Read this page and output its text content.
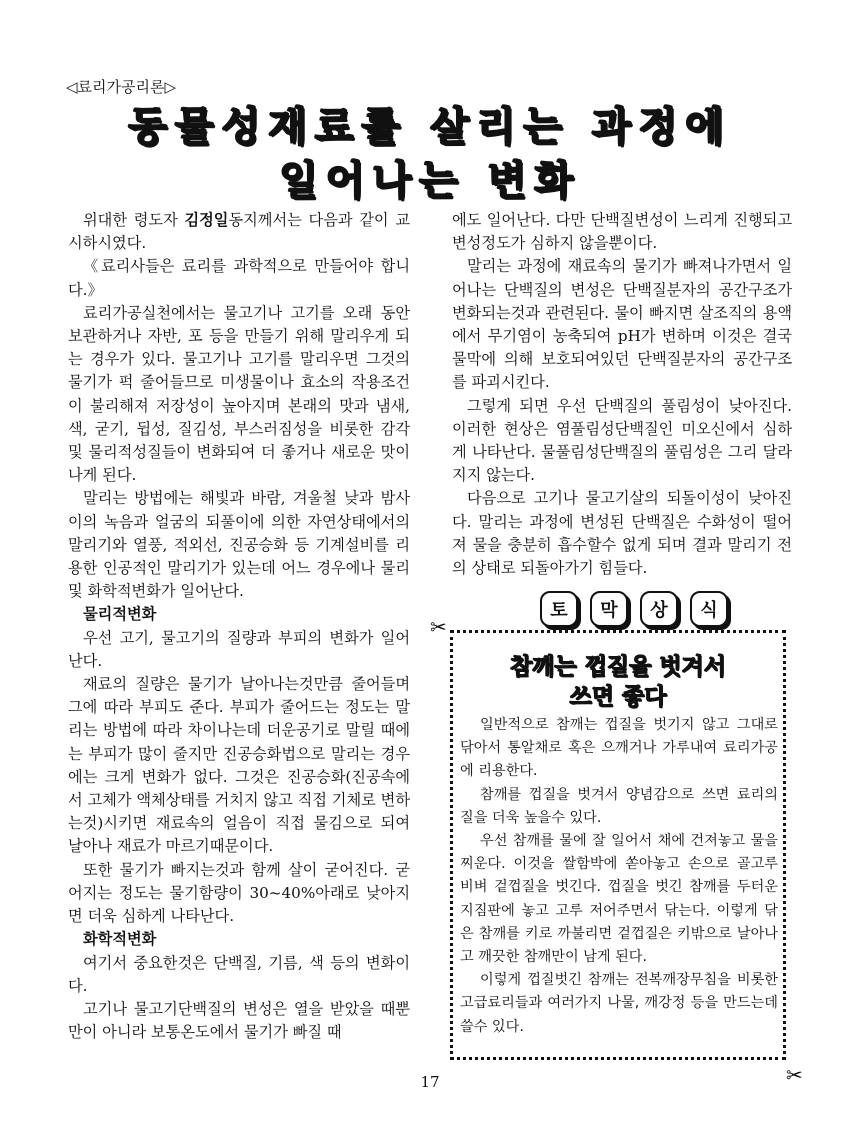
◁료리가공리론▷
동물성재료를 살리는 과정에
일어나는 변화

위대한 령도자 김정일동지께서는 다음과 같이 교시하시였다.

《료리사들은 료리를 과학적으로 만들어야 합니다.》

료리가공실천에서는 물고기나 고기를 오래 동안 보관하거나 자반, 포 등을 만들기 위해 말리우게 되는 경우가 있다. 물고기나 고기를 말리우면 그것의 물기가 퍽 줄어들므로 미생물이나 효소의 작용조건이 불리해져 저장성이 높아지며 본래의 맛과 냄새, 색, 굳기, 뒵성, 질김성, 부스러짐성을 비롯한 감각 및 물리적성질들이 변화되여 더 좋거나 새로운 맛이 나게 된다.

말리는 방법에는 해빛과 바람, 겨울철 낮과 밤사이의 녹음과 얼굼의 되풀이에 의한 자연상태에서의 말리기와 열풍, 적외선, 진공승화 등 기계설비를 리용한 인공적인 말리기가 있는데 어느 경우에나 물리 및 화학적변화가 일어난다.

물리적변화

우선 고기, 물고기의 질량과 부피의 변화가 일어난다.

재료의 질량은 물기가 날아나는것만큼 줄어들며 그에 따라 부피도 준다. 부피가 줄어드는 정도는 말리는 방법에 따라 차이나는데 더운공기로 말릴 때에는 부피가 많이 줄지만 진공승화법으로 말리는 경우에는 크게 변화가 없다. 그것은 진공승화(진공속에서 고체가 액체상태를 거치지 않고 직접 기체로 변하는것)시키면 재료속의 얼음이 직접 물김으로 되여 날아나 재료가 마르기때문이다.

또한 물기가 빠지는것과 함께 살이 굳어진다. 굳어지는 정도는 물기함량이 30~40%아래로 낮아지면 더욱 심하게 나타난다.

화학적변화

여기서 중요한것은 단백질, 기름, 색 등의 변화이다.

고기나 물고기단백질의 변성은 열을 받았을 때뿐만이 아니라 보통온도에서 물기가 빠질 때

에도 일어난다. 다만 단백질변성이 느리게 진행되고 변성정도가 심하지 않을뿐이다.

말리는 과정에 재료속의 물기가 빠져나가면서 일어나는 단백질의 변성은 단백질분자의 공간구조가 변화되는것과 관련된다. 물이 빠지면 살조직의 용액에서 무기염이 농축되여 pH가 변하며 이것은 결국 물막에 의해 보호되여있던 단백질분자의 공간구조를 파괴시킨다.

그렇게 되면 우선 단백질의 풀림성이 낮아진다. 이러한 현상은 염풀림성단백질인 미오신에서 심하게 나타난다. 물풀림성단백질의 풀림성은 그리 달라지지 않는다.

다음으로 고기나 물고기살의 되돌이성이 낮아진다. 말리는 과정에 변성된 단백질은 수화성이 떨어져 물을 충분히 흡수할수 없게 되며 결과 말리기 전의 상태로 되돌아가기 힘들다.

토	막	상	식
✂
✂
참깨는 껍질을 벗겨서
쓰면 좋다

일반적으로 참깨는 껍질을 벗기지 않고 그대로 닦아서 통알채로 혹은 으깨거나 가루내여 료리가공에 리용한다.

참깨를 껍질을 벗겨서 양념감으로 쓰면 료리의 질을 더욱 높을수 있다.

우선 참깨를 물에 잘 일어서 채에 건져놓고 물을 찌운다. 이것을 쌀함박에 쏟아놓고 손으로 골고루 비벼 겉껍질을 벗긴다. 껍질을 벗긴 참깨를 두터운 지짐판에 놓고 고루 저어주면서 닦는다. 이렇게 닦은 참깨를 키로 까불리면 겉껍질은 키밖으로 날아나고 깨끗한 참깨만이 남게 된다.

이렇게 껍질벗긴 참깨는 전복깨장무침을 비롯한 고급료리들과 여러가지 나물, 깨강정 등을 만드는데 쓸수 있다.

17
